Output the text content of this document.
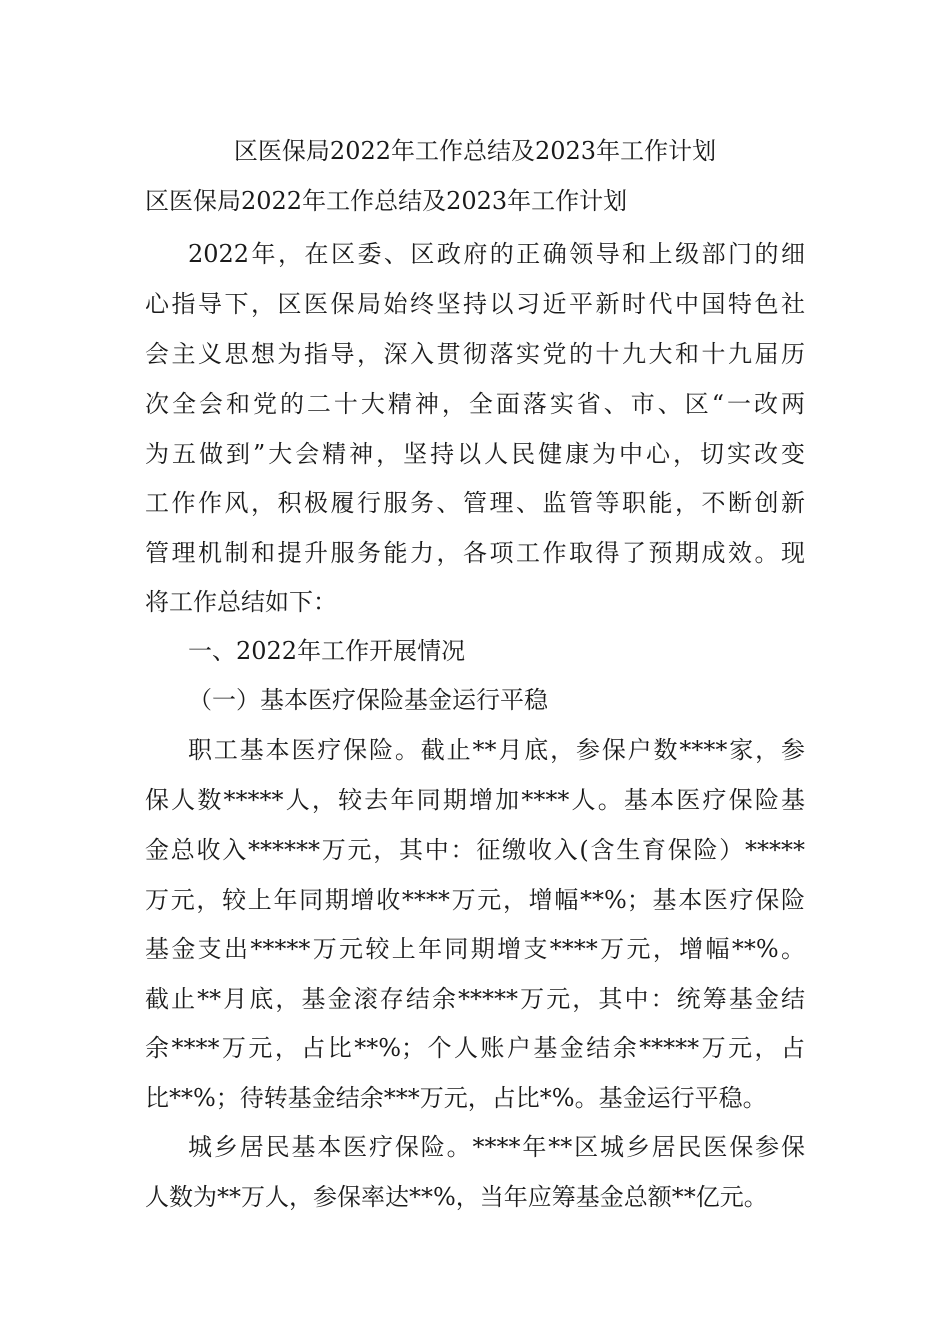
区医保局2022年工作总结及2023年工作计划
区医保局2022年工作总结及2023年工作计划
2022年，在区委、区政府的正确领导和上级部门的细
心指导下，区医保局始终坚持以习近平新时代中国特色社
会主义思想为指导，深入贯彻落实党的十九大和十九届历
次全会和党的二十大精神，全面落实省、市、区“一改两
为五做到”大会精神，坚持以人民健康为中心，切实改变
工作作风，积极履行服务、管理、监管等职能，不断创新
管理机制和提升服务能力，各项工作取得了预期成效。现
将工作总结如下：
一、2022年工作开展情况
（一）基本医疗保险基金运行平稳
职工基本医疗保险。截止**月底，参保户数****家，参
保人数*****人，较去年同期增加****人。基本医疗保险基
金总收入******万元，其中：征缴收入(含生育保险）*****
万元，较上年同期增收****万元，增幅**%；基本医疗保险
基金支出*****万元较上年同期增支****万元，增幅**%。
截止**月底，基金滚存结余*****万元，其中：统筹基金结
余****万元，占比**%；个人账户基金结余*****万元，占
比**%；待转基金结余***万元，占比*%。基金运行平稳。
城乡居民基本医疗保险。****年**区城乡居民医保参保
人数为**万人，参保率达**%，当年应筹基金总额**亿元。
